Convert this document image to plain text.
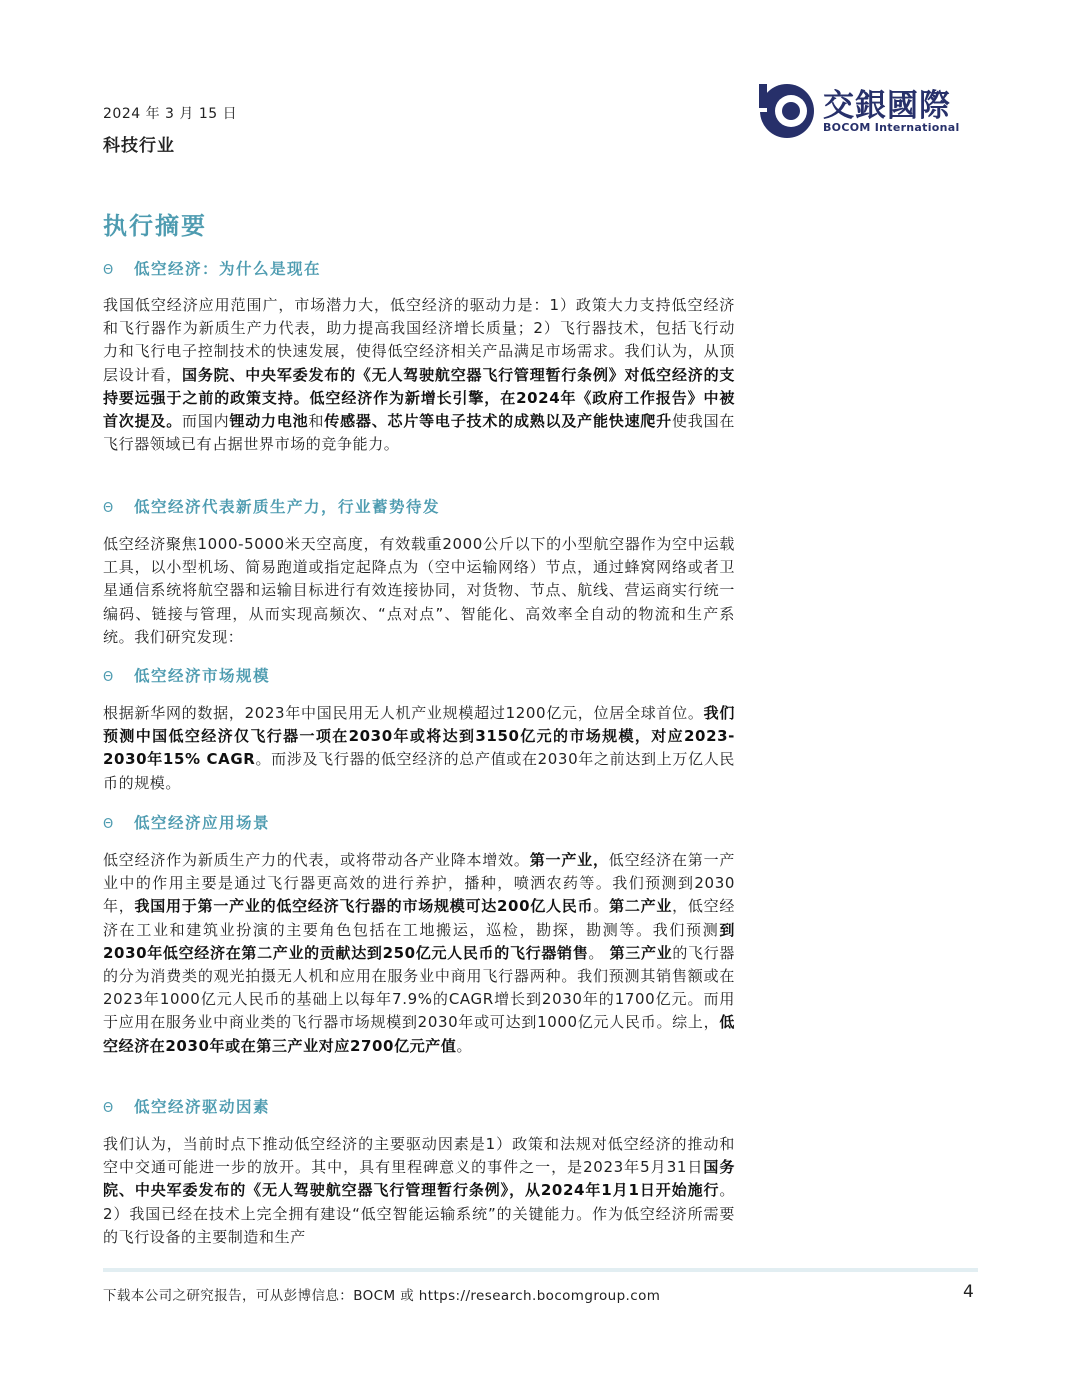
2024 年 3 月 15 日
科技行业
交銀國際
BOCOM International
执行摘要
Θ 低空经济：为什么是现在
我国低空经济应用范围广，市场潜力大，低空经济的驱动力是：1）政策大力支持低空经济和飞行器作为新质生产力代表，助力提高我国经济增长质量；2）飞行器技术，包括飞行动力和飞行电子控制技术的快速发展，使得低空经济相关产品满足市场需求。我们认为，从顶层设计看，国务院、中央军委发布的《无人驾驶航空器飞行管理暂行条例》对低空经济的支持要远强于之前的政策支持。低空经济作为新增长引擎，在2024年《政府工作报告》中被首次提及。而国内锂动力电池和传感器、芯片等电子技术的成熟以及产能快速爬升使我国在飞行器领域已有占据世界市场的竞争能力。
Θ 低空经济代表新质生产力，行业蓄势待发
低空经济聚焦1000-5000米天空高度，有效载重2000公斤以下的小型航空器作为空中运载工具，以小型机场、简易跑道或指定起降点为（空中运输网络）节点，通过蜂窝网络或者卫星通信系统将航空器和运输目标进行有效连接协同，对货物、节点、航线、营运商实行统一编码、链接与管理，从而实现高频次、“点对点”、智能化、高效率全自动的物流和生产系统。我们研究发现：
Θ 低空经济市场规模
根据新华网的数据，2023年中国民用无人机产业规模超过1200亿元，位居全球首位。我们预测中国低空经济仅飞行器一项在2030年或将达到3150亿元的市场规模，对应2023-2030年15% CAGR。而涉及飞行器的低空经济的总产值或在2030年之前达到上万亿人民币的规模。
Θ 低空经济应用场景
低空经济作为新质生产力的代表，或将带动各产业降本增效。第一产业，低空经济在第一产业中的作用主要是通过飞行器更高效的进行养护，播种，喷洒农药等。我们预测到2030年，我国用于第一产业的低空经济飞行器的市场规模可达200亿人民币。第二产业，低空经济在工业和建筑业扮演的主要角色包括在工地搬运，巡检，勘探，勘测等。我们预测到2030年低空经济在第二产业的贡献达到250亿元人民币的飞行器销售。 第三产业的飞行器的分为消费类的观光拍摄无人机和应用在服务业中商用飞行器两种。我们预测其销售额或在2023年1000亿元人民币的基础上以每年7.9%的CAGR增长到2030年的1700亿元。而用于应用在服务业中商业类的飞行器市场规模到2030年或可达到1000亿元人民币。综上，低空经济在2030年或在第三产业对应2700亿元产值。
Θ 低空经济驱动因素
我们认为，当前时点下推动低空经济的主要驱动因素是1）政策和法规对低空经济的推动和空中交通可能进一步的放开。其中，具有里程碑意义的事件之一，是2023年5月31日国务院、中央军委发布的《无人驾驶航空器飞行管理暂行条例》，从2024年1月1日开始施行。2）我国已经在技术上完全拥有建设“低空智能运输系统”的关键能力。作为低空经济所需要的飞行设备的主要制造和生产
下载本公司之研究报告，可从彭博信息：BOCM 或 https://research.bocomgroup.com	4
